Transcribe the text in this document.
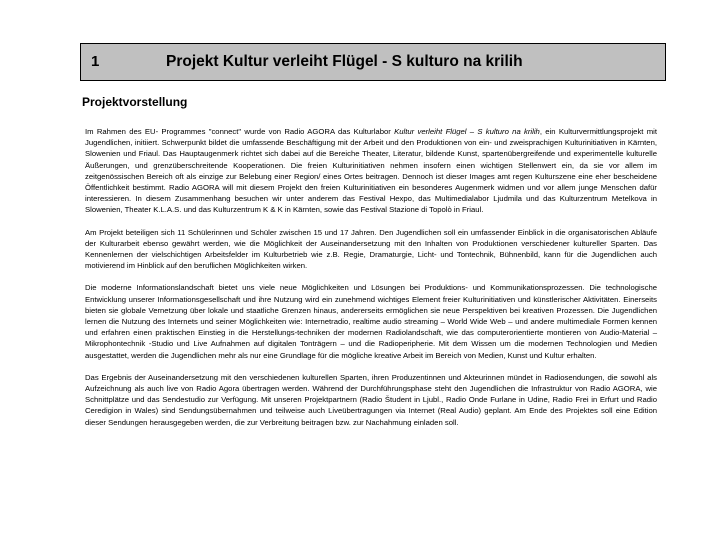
1	Projekt Kultur verleiht Flügel - S kulturo na krilih
Projektvorstellung

Im Rahmen des EU- Programmes "connect" wurde von Radio AGORA das Kulturlabor Kultur verleiht Flügel – S kulturo na krilih, ein Kulturvermittlungsprojekt mit Jugendlichen, initiiert. Schwerpunkt bildet die umfassende Beschäftigung mit der Arbeit und den Produktionen von ein- und zweisprachigen Kulturinitiativen in Kärnten, Slowenien und Friaul. Das Hauptaugenmerk richtet sich dabei auf die Bereiche Theater, Literatur, bildende Kunst, spartenübergreifende und experimentelle kulturelle Äußerungen, und grenzüberschreitende Kooperationen. Die freien Kulturinitiativen nehmen insofern einen wichtigen Stellenwert ein, da sie vor allem im zeitgenössischen Bereich oft als einzige zur Belebung einer Region/ eines Ortes beitragen. Dennoch ist dieser Images amt regen Kulturszene eine eher bescheidene Öffentlichkeit bestimmt. Radio AGORA will mit diesem Projekt den freien Kulturinitiativen ein besonderes Augenmerk widmen und vor allem junge Menschen dafür interessieren. In diesem Zusammenhang besuchen wir unter anderem das Festival Hexpo, das Multimedialabor Ljudmila und das Kulturzentrum Metelkova in Slowenien, Theater K.L.A.S. und das Kulturzentrum K & K in Kärnten, sowie das Festival Stazione di Topolò in Friaul.

Am Projekt beteiligen sich 11 Schülerinnen und Schüler zwischen 15 und 17 Jahren. Den Jugendlichen soll ein umfassender Einblick in die organisatorischen Abläufe der Kulturarbeit ebenso gewährt werden, wie die Möglichkeit der Auseinandersetzung mit den Inhalten von Produktionen verschiedener kultureller Sparten. Das Kennenlernen der vielschichtigen Arbeitsfelder im Kulturbetrieb wie z.B. Regie, Dramaturgie, Licht- und Tontechnik, Bühnenbild, kann für die Jugendlichen auch motivierend im Hinblick auf den beruflichen Möglichkeiten wirken.

Die moderne Informationslandschaft bietet uns viele neue Möglichkeiten und Lösungen bei Produktions- und Kommunikationsprozessen. Die technologische Entwicklung unserer Informationsgesellschaft und ihre Nutzung wird ein zunehmend wichtiges Element freier Kulturinitiativen und künstlerischer Aktivitäten. Einerseits bieten sie globale Vernetzung über lokale und staatliche Grenzen hinaus, andererseits ermöglichen sie neue Perspektiven bei kreativen Prozessen. Die Jugendlichen lernen die Nutzung des Internets und seiner Möglichkeiten wie: Internetradio, realtime audio streaming – World Wide Web – und andere multimediale Formen kennen und erfahren einen praktischen Einstieg in die Herstellungs-techniken der modernen Radiolandschaft, wie das computerorientierte montieren von Audio-Material – Mikrophontechnik -Studio und Live Aufnahmen auf digitalen Tonträgern – und die Radioperipherie. Mit dem Wissen um die modernen Technologien und Medien ausgestattet, werden die Jugendlichen mehr als nur eine Grundlage für die mögliche kreative Arbeit im Bereich von Medien, Kunst und Kultur erhalten.

Das Ergebnis der Auseinandersetzung mit den verschiedenen kulturellen Sparten, ihren Produzentinnen und Akteurinnen mündet in Radiosendungen, die sowohl als Aufzeichnung als auch live von Radio Agora übertragen werden. Während der Durchführungsphase steht den Jugendlichen die Infrastruktur von Radio AGORA, wie Schnittplätze und das Sendestudio zur Verfügung. Mit unseren Projektpartnern (Radio Študent in Ljubl., Radio Onde Furlane in Udine, Radio Frei in Erfurt und Radio Ceredigion in Wales) sind Sendungsübernahmen und teilweise auch Liveübertragungen via Internet (Real Audio) geplant. Am Ende des Projektes soll eine Edition dieser Sendungen herausgegeben werden, die zur Verbreitung beitragen bzw. zur Nachahmung einladen soll.
